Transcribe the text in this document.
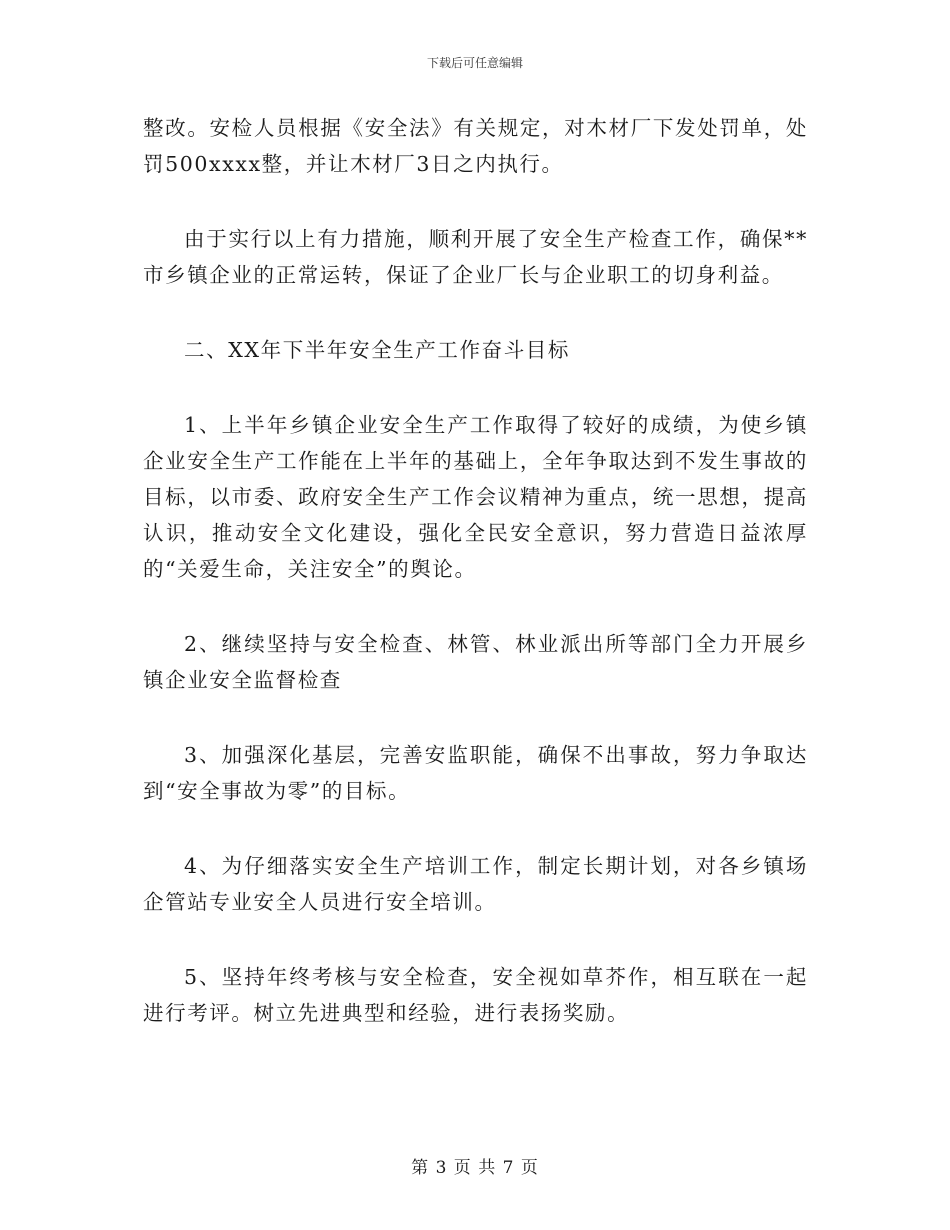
下载后可任意编辑

整改。安检人员根据《安全法》有关规定，对木材厂下发处罚单，处罚500xxxx整，并让木材厂3日之内执行。

由于实行以上有力措施，顺利开展了安全生产检查工作，确保**市乡镇企业的正常运转，保证了企业厂长与企业职工的切身利益。

二、XX年下半年安全生产工作奋斗目标

1、上半年乡镇企业安全生产工作取得了较好的成绩，为使乡镇企业安全生产工作能在上半年的基础上，全年争取达到不发生事故的目标，以市委、政府安全生产工作会议精神为重点，统一思想，提高认识，推动安全文化建设，强化全民安全意识，努力营造日益浓厚的“关爱生命，关注安全”的舆论。

2、继续坚持与安全检查、林管、林业派出所等部门全力开展乡镇企业安全监督检查

3、加强深化基层，完善安监职能，确保不出事故，努力争取达到“安全事故为零”的目标。

4、为仔细落实安全生产培训工作，制定长期计划，对各乡镇场企管站专业安全人员进行安全培训。

5、坚持年终考核与安全检查，安全视如草芥作，相互联在一起进行考评。树立先进典型和经验，进行表扬奖励。

第 3 页 共 7 页
